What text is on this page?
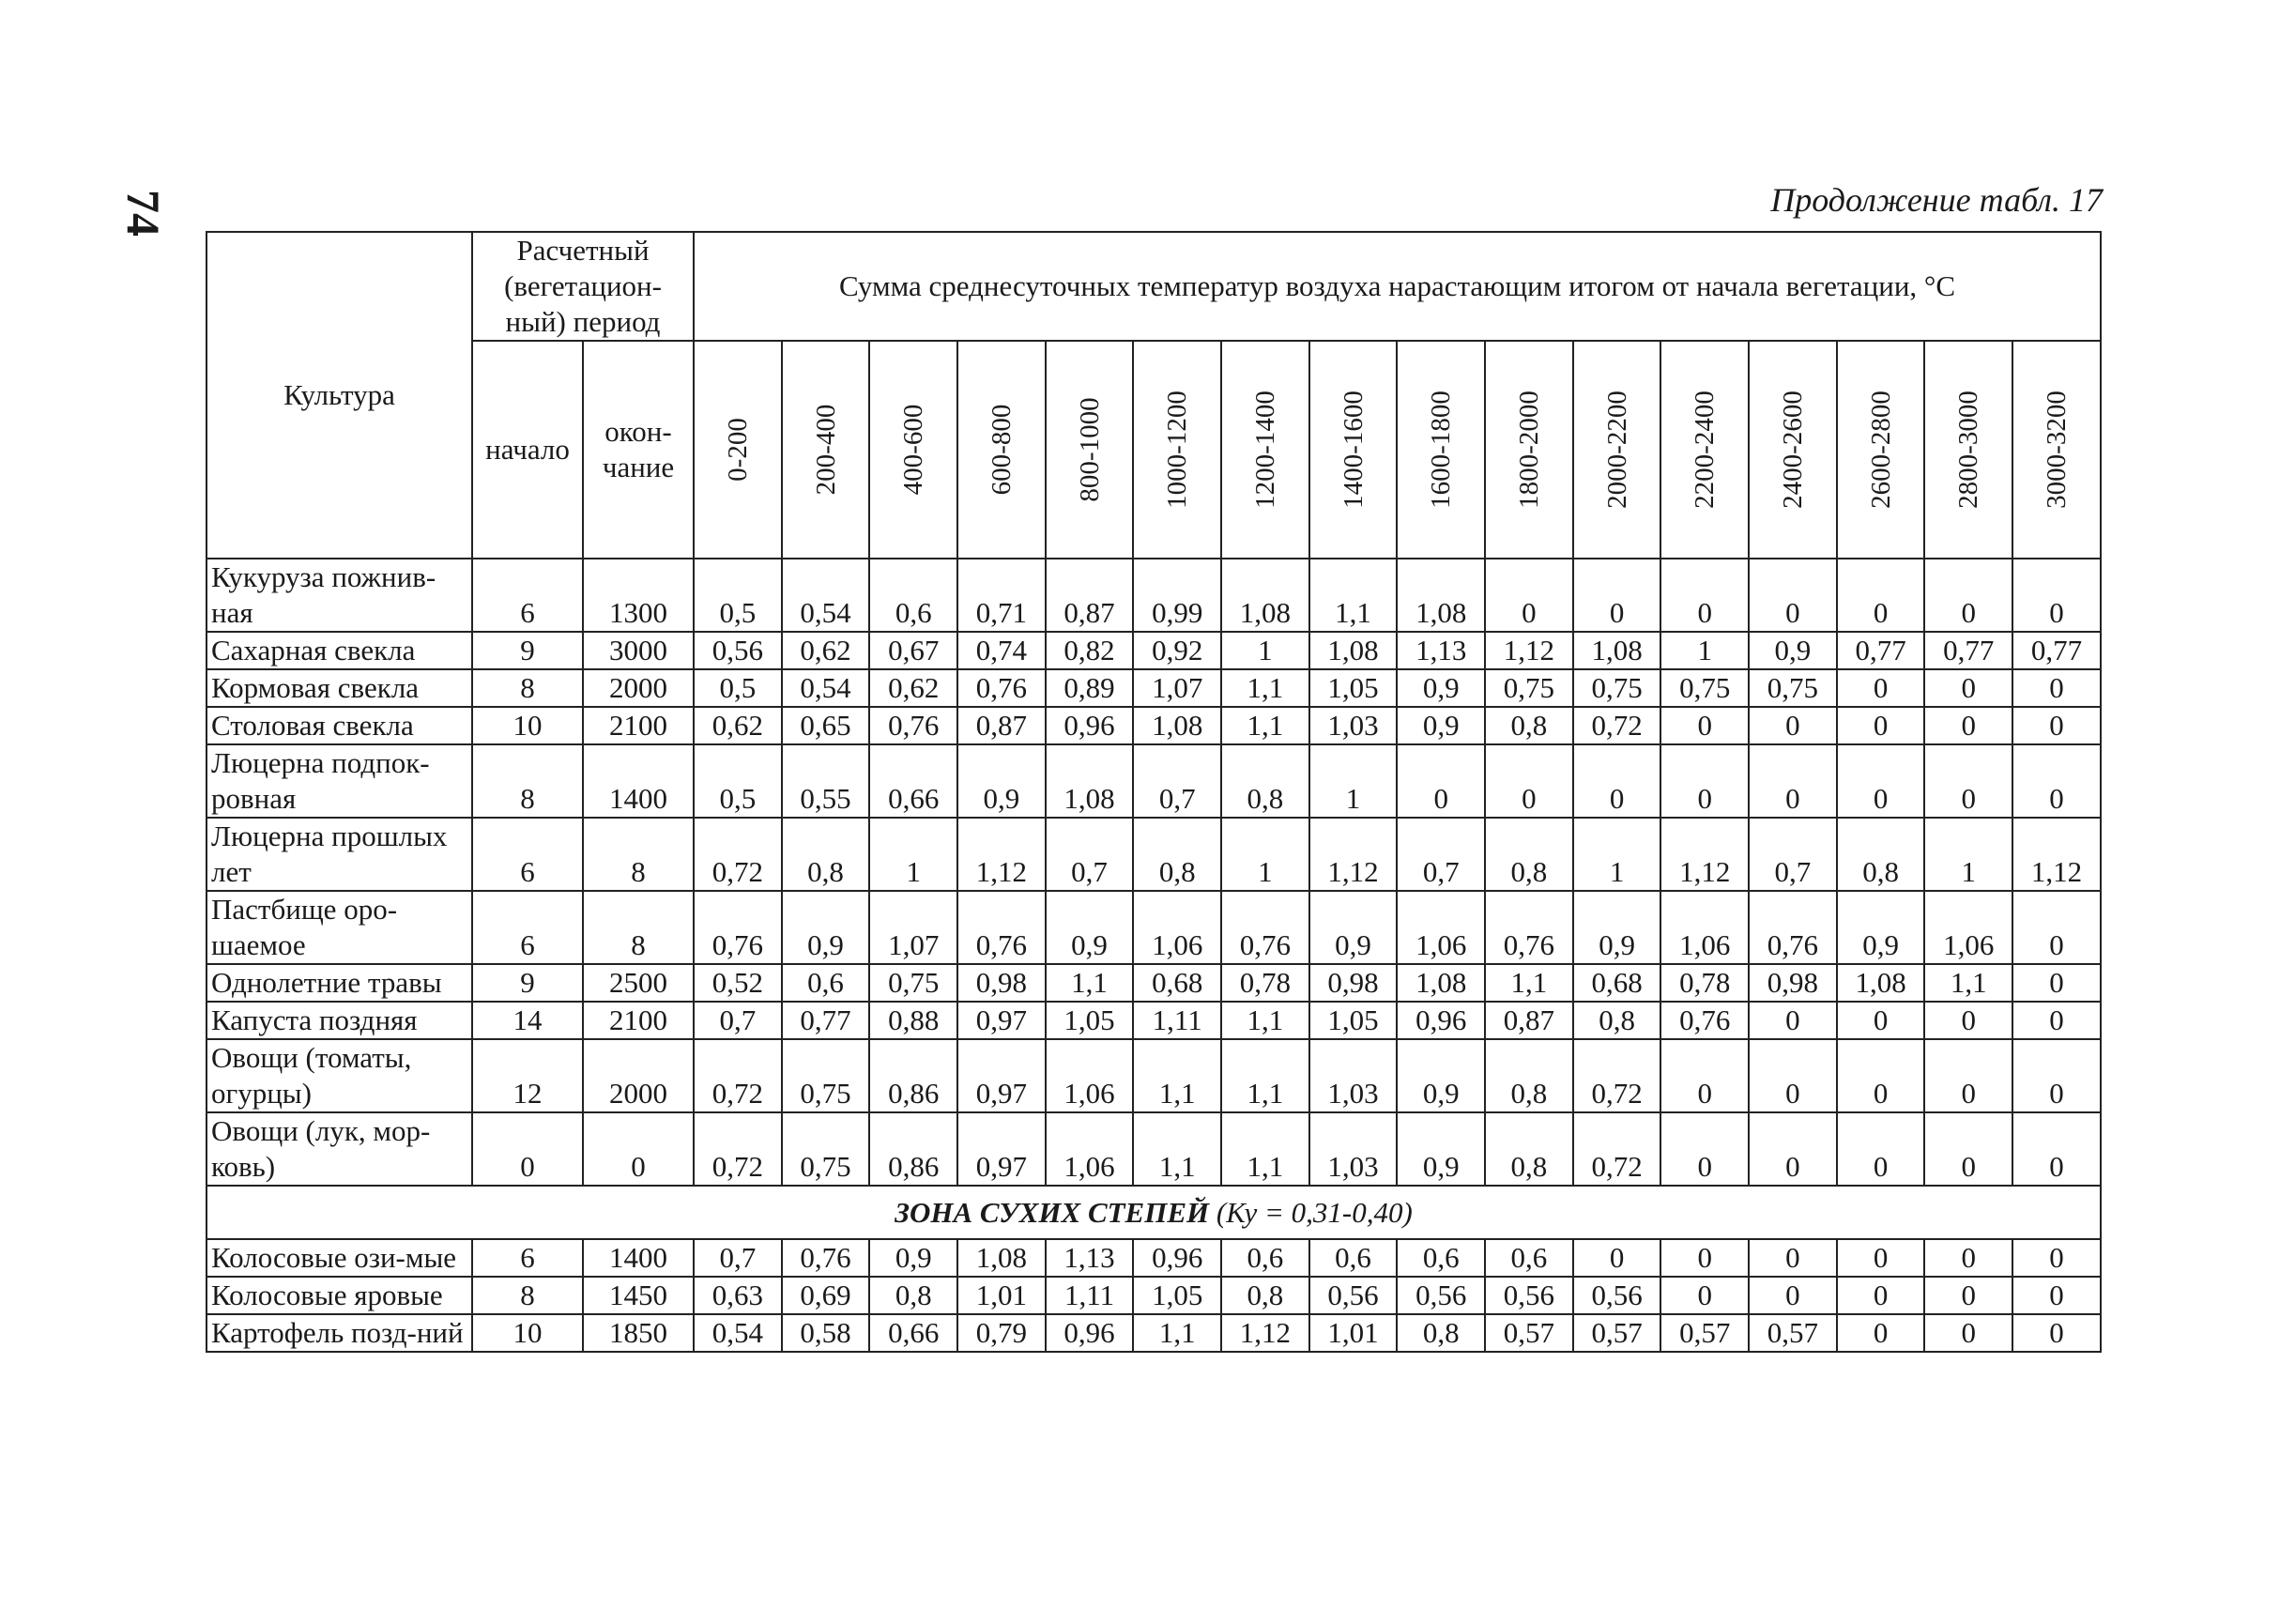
74	Продолжение табл. 17
Культура	Расчетный (вегетацион-ный) период		Сумма среднесуточных температур воздуха нарастающим итогом от начала вегетации, °С															
	начало	окон-чание	0-200	200-400	400-600	600-800	800-1000	1000-1200	1200-1400	1400-1600	1600-1800	1800-2000	2000-2200	2200-2400	2400-2600	2600-2800	2800-3000	3000-3200

Кукуруза пожнив-ная	6	1300	0,5	0,54	0,6	0,71	0,87	0,99	1,08	1,1	1,08	0	0	0	0	0	0	0
Сахарная свекла	9	3000	0,56	0,62	0,67	0,74	0,82	0,92	1	1,08	1,13	1,12	1,08	1	0,9	0,77	0,77	0,77
Кормовая свекла	8	2000	0,5	0,54	0,62	0,76	0,89	1,07	1,1	1,05	0,9	0,75	0,75	0,75	0,75	0	0	0
Столовая свекла	10	2100	0,62	0,65	0,76	0,87	0,96	1,08	1,1	1,03	0,9	0,8	0,72	0	0	0	0	0
Люцерна подпок-ровная	8	1400	0,5	0,55	0,66	0,9	1,08	0,7	0,8	1	0	0	0	0	0	0	0	0
Люцерна прошлых лет	6	8	0,72	0,8	1	1,12	0,7	0,8	1	1,12	0,7	0,8	1	1,12	0,7	0,8	1	1,12
Пастбище оро-шаемое	6	8	0,76	0,9	1,07	0,76	0,9	1,06	0,76	0,9	1,06	0,76	0,9	1,06	0,76	0,9	1,06	0
Однолетние травы	9	2500	0,52	0,6	0,75	0,98	1,1	0,68	0,78	0,98	1,08	1,1	0,68	0,78	0,98	1,08	1,1	0
Капуста поздняя	14	2100	0,7	0,77	0,88	0,97	1,05	1,11	1,1	1,05	0,96	0,87	0,8	0,76	0	0	0	0
Овощи (томаты, огурцы)	12	2000	0,72	0,75	0,86	0,97	1,06	1,1	1,1	1,03	0,9	0,8	0,72	0	0	0	0	0
Овощи (лук, мор-ковь)	0	0	0,72	0,75	0,86	0,97	1,06	1,1	1,1	1,03	0,9	0,8	0,72	0	0	0	0	0
ЗОНА СУХИХ СТЕПЕЙ (Ку = 0,31-0,40)																		
Колосовые ози-мые	6	1400	0,7	0,76	0,9	1,08	1,13	0,96	0,6	0,6	0,6	0,6	0	0	0	0	0	0
Колосовые яровые	8	1450	0,63	0,69	0,8	1,01	1,11	1,05	0,8	0,56	0,56	0,56	0,56	0	0	0	0	0
Картофель позд-ний	10	1850	0,54	0,58	0,66	0,79	0,96	1,1	1,12	1,01	0,8	0,57	0,57	0,57	0,57	0	0	0
